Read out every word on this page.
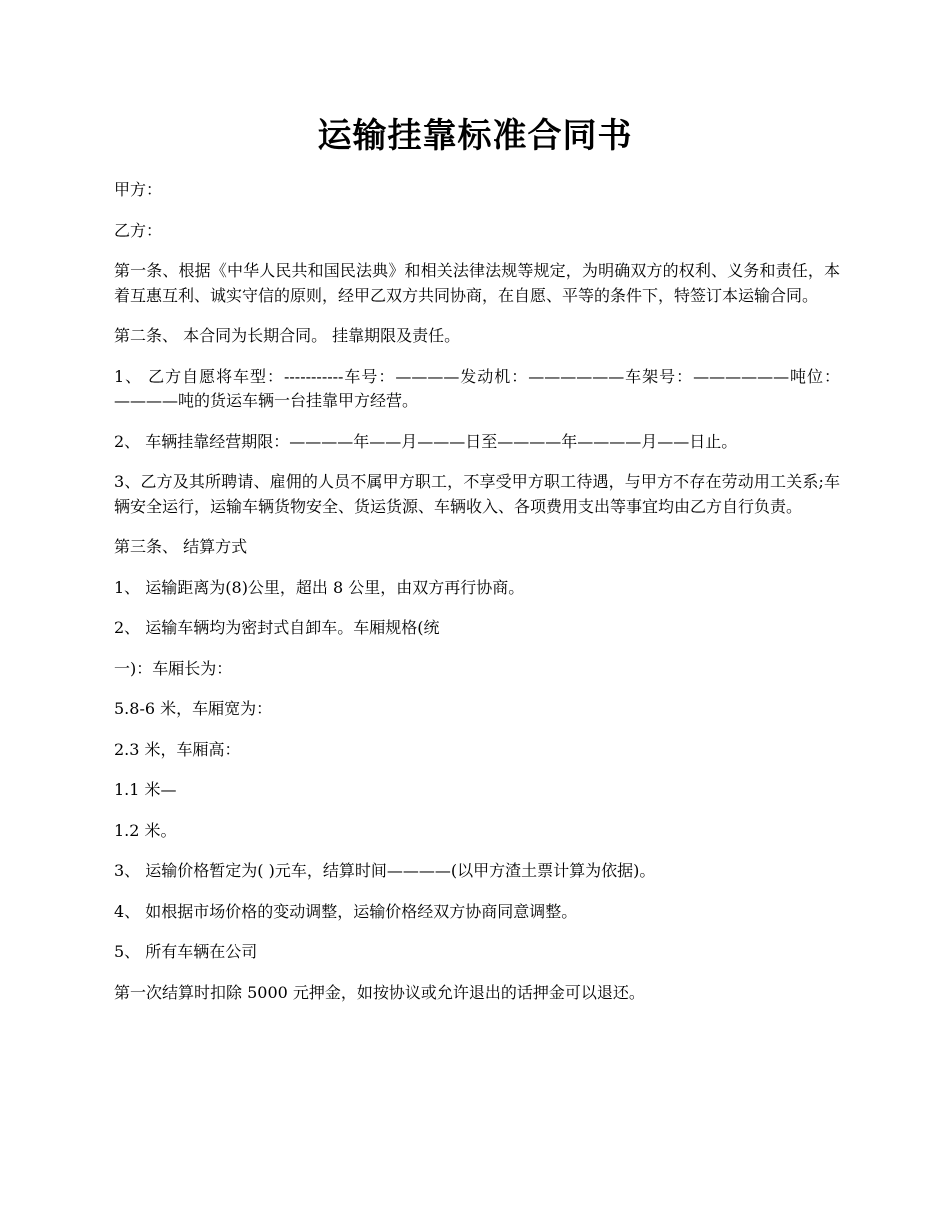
运输挂靠标准合同书

甲方：

乙方：

第一条、根据《中华人民共和国民法典》和相关法律法规等规定，为明确双方的权利、义务和责任，本着互惠互利、诚实守信的原则，经甲乙双方共同协商，在自愿、平等的条件下，特签订本运输合同。

第二条、 本合同为长期合同。 挂靠期限及责任。

1、 乙方自愿将车型：-----------车号：————发动机：——————车架号：——————吨位：————吨的货运车辆一台挂靠甲方经营。

2、 车辆挂靠经营期限：————年——月———日至————年————月——日止。

3、乙方及其所聘请、雇佣的人员不属甲方职工，不享受甲方职工待遇，与甲方不存在劳动用工关系;车辆安全运行，运输车辆货物安全、货运货源、车辆收入、各项费用支出等事宜均由乙方自行负责。

第三条、 结算方式

1、 运输距离为(8)公里，超出 8 公里，由双方再行协商。

2、 运输车辆均为密封式自卸车。车厢规格(统

一)：车厢长为：

5.8-6 米，车厢宽为：

2.3 米，车厢高：

1.1 米—

1.2 米。

3、 运输价格暂定为( )元车，结算时间————(以甲方渣土票计算为依据)。

4、 如根据市场价格的变动调整，运输价格经双方协商同意调整。

5、 所有车辆在公司

第一次结算时扣除 5000 元押金，如按协议或允许退出的话押金可以退还。
